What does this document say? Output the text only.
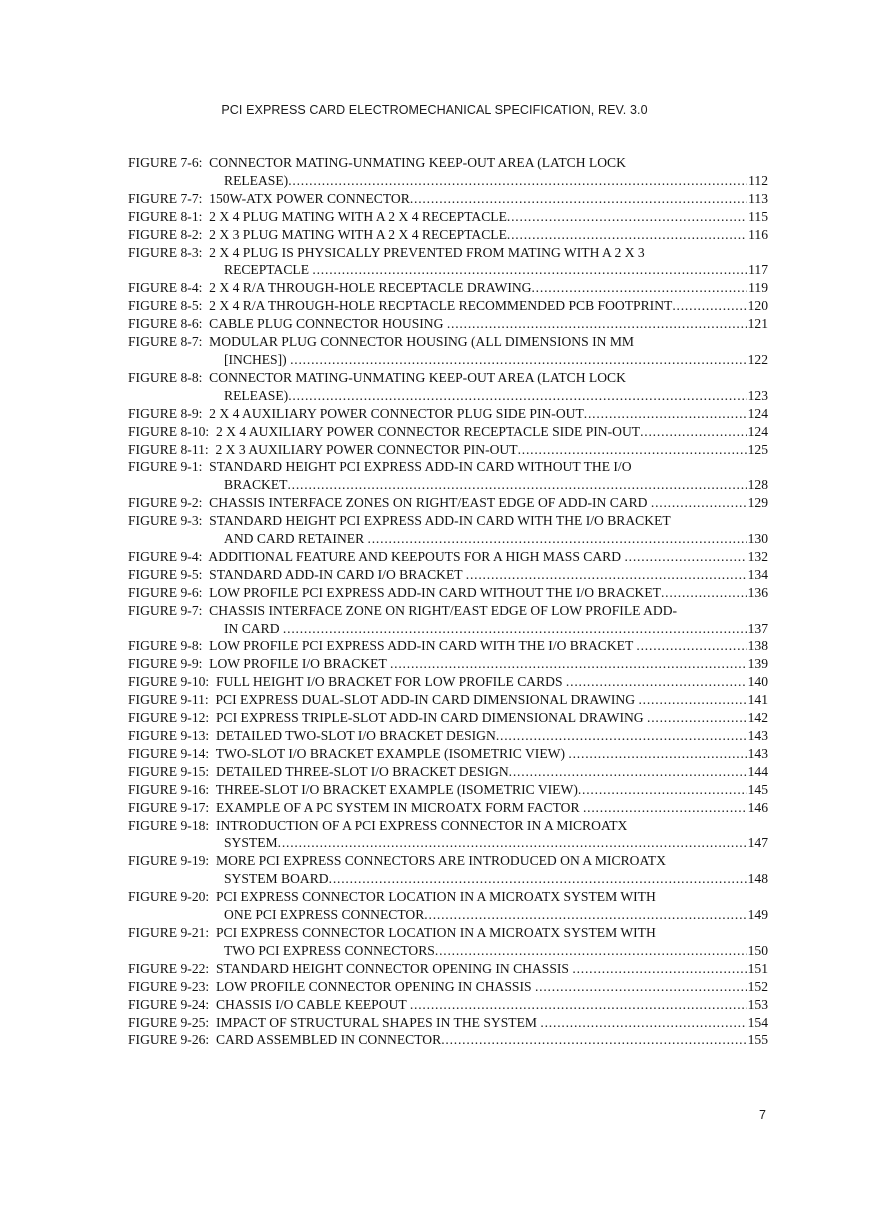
PCI EXPRESS CARD ELECTROMECHANICAL SPECIFICATION, REV. 3.0
FIGURE 7-6:  CONNECTOR MATING-UNMATING KEEP-OUT AREA (LATCH LOCK
RELEASE) . . .	112
FIGURE 7-7:  150W-ATX POWER CONNECTOR . . .	113
FIGURE 8-1:  2 X 4 PLUG MATING WITH A 2 X 4 RECEPTACLE . . .	115
FIGURE 8-2:  2 X 3 PLUG MATING WITH A 2 X 4 RECEPTACLE . . .	116
FIGURE 8-3:  2 X 4 PLUG IS PHYSICALLY PREVENTED FROM MATING WITH A 2 X 3
RECEPTACLE . . .	117
FIGURE 8-4:  2 X 4 R/A THROUGH-HOLE RECEPTACLE DRAWING . . .	119
FIGURE 8-5:  2 X 4 R/A THROUGH-HOLE RECPTACLE RECOMMENDED PCB FOOTPRINT . . .	120
FIGURE 8-6:  CABLE PLUG CONNECTOR HOUSING . . .	121
FIGURE 8-7:  MODULAR PLUG CONNECTOR HOUSING (ALL DIMENSIONS IN MM
[INCHES]) . . .	122
FIGURE 8-8:  CONNECTOR MATING-UNMATING KEEP-OUT AREA (LATCH LOCK
RELEASE) . . .	123
FIGURE 8-9:  2 X 4 AUXILIARY POWER CONNECTOR PLUG SIDE PIN-OUT . . .	124
FIGURE 8-10:  2 X 4 AUXILIARY POWER CONNECTOR RECEPTACLE SIDE PIN-OUT . . .	124
FIGURE 8-11:  2 X 3 AUXILIARY POWER CONNECTOR PIN-OUT . . .	125
FIGURE 9-1:  STANDARD HEIGHT PCI EXPRESS ADD-IN CARD WITHOUT THE I/O
BRACKET . . .	128
FIGURE 9-2:  CHASSIS INTERFACE ZONES ON RIGHT/EAST EDGE OF ADD-IN CARD . . .	129
FIGURE 9-3:  STANDARD HEIGHT PCI EXPRESS ADD-IN CARD WITH THE I/O BRACKET
AND CARD RETAINER . . .	130
FIGURE 9-4:  ADDITIONAL FEATURE AND KEEPOUTS FOR A HIGH MASS CARD . . .	132
FIGURE 9-5:  STANDARD ADD-IN CARD I/O BRACKET . . .	134
FIGURE 9-6:  LOW PROFILE PCI EXPRESS ADD-IN CARD WITHOUT THE I/O BRACKET . . .	136
FIGURE 9-7:  CHASSIS INTERFACE ZONE ON RIGHT/EAST EDGE OF LOW PROFILE ADD-
IN CARD . . .	137
FIGURE 9-8:  LOW PROFILE PCI EXPRESS ADD-IN CARD WITH THE I/O BRACKET . . .	138
FIGURE 9-9:  LOW PROFILE I/O BRACKET . . .	139
FIGURE 9-10:  FULL HEIGHT I/O BRACKET FOR LOW PROFILE CARDS . . .	140
FIGURE 9-11:  PCI EXPRESS DUAL-SLOT ADD-IN CARD DIMENSIONAL DRAWING . . .	141
FIGURE 9-12:  PCI EXPRESS TRIPLE-SLOT ADD-IN CARD DIMENSIONAL DRAWING . . .	142
FIGURE 9-13:  DETAILED TWO-SLOT I/O BRACKET DESIGN . . .	143
FIGURE 9-14:  TWO-SLOT I/O BRACKET EXAMPLE (ISOMETRIC VIEW) . . .	143
FIGURE 9-15:  DETAILED THREE-SLOT I/O BRACKET DESIGN . . .	144
FIGURE 9-16:  THREE-SLOT I/O BRACKET EXAMPLE (ISOMETRIC VIEW) . . .	145
FIGURE 9-17:  EXAMPLE OF A PC SYSTEM IN MICROATX FORM FACTOR . . .	146
FIGURE 9-18:  INTRODUCTION OF A PCI EXPRESS CONNECTOR IN A MICROATX
SYSTEM . . .	147
FIGURE 9-19:  MORE PCI EXPRESS CONNECTORS ARE INTRODUCED ON A MICROATX
SYSTEM BOARD . . .	148
FIGURE 9-20:  PCI EXPRESS CONNECTOR LOCATION IN A MICROATX SYSTEM WITH
ONE PCI EXPRESS CONNECTOR . . .	149
FIGURE 9-21:  PCI EXPRESS CONNECTOR LOCATION IN A MICROATX SYSTEM WITH
TWO PCI EXPRESS CONNECTORS . . .	150
FIGURE 9-22:  STANDARD HEIGHT CONNECTOR OPENING IN CHASSIS . . .	151
FIGURE 9-23:  LOW PROFILE CONNECTOR OPENING IN CHASSIS . . .	152
FIGURE 9-24:  CHASSIS I/O CABLE KEEPOUT . . .	153
FIGURE 9-25:  IMPACT OF STRUCTURAL SHAPES IN THE SYSTEM . . .	154
FIGURE 9-26:  CARD ASSEMBLED IN CONNECTOR . . .	155
7
